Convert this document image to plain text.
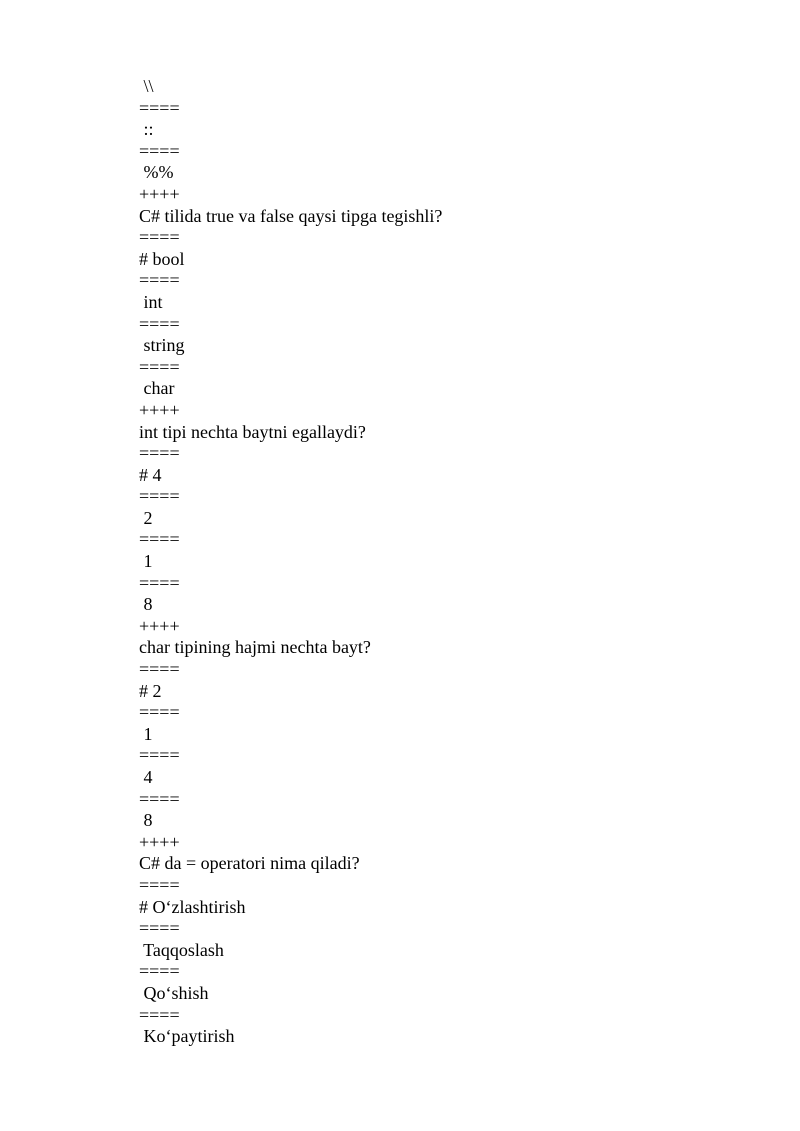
\\
====
::
====
%%
++++
C# tilida true va false qaysi tipga tegishli?
====
# bool
====
int
====
string
====
char
++++
int tipi nechta baytni egallaydi?
====
# 4
====
2
====
1
====
8
++++
char tipining hajmi nechta bayt?
====
# 2
====
1
====
4
====
8
++++
C# da = operatori nima qiladi?
====
# O‘zlashtirish
====
Taqqoslash
====
Qo‘shish
====
Ko‘paytirish
